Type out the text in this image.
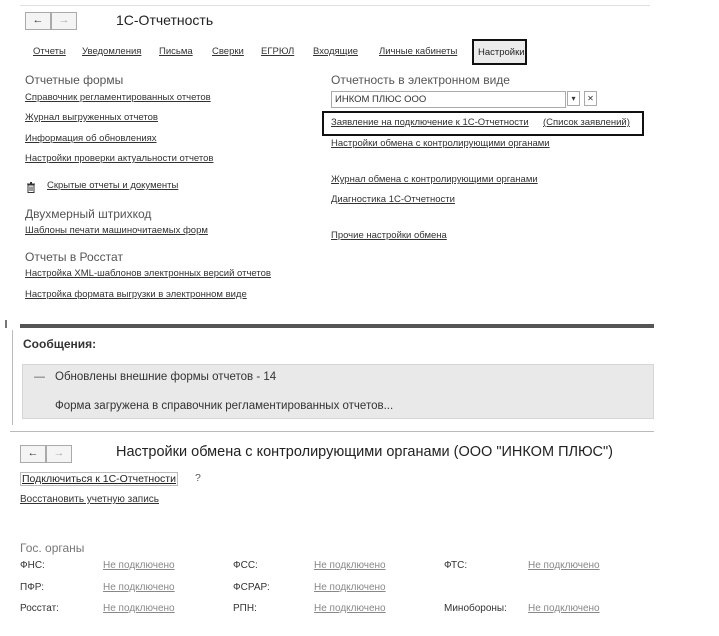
←	→	1С-Отчетность
Отчеты Уведомления Письма Сверки ЕГРЮЛ Входящие Личные кабинеты Настройки
Отчетные формы
Справочник регламентированных отчетов
Журнал выгруженных отчетов
Информация об обновлениях
Настройки проверки актуальности отчетов
Скрытые отчеты и документы
Двухмерный штрихкод
Шаблоны печати машиночитаемых форм
Отчеты в Росстат
Настройка XML-шаблонов электронных версий отчетов
Настройка формата выгрузки в электронном виде
Отчетность в электронном виде
ИНКОМ ПЛЮС ООО	▾	✕
Заявление на подключение к 1С-Отчетности (Список заявлений)
Настройки обмена с контролирующими органами
Журнал обмена с контролирующими органами
Диагностика 1С-Отчетности
Прочие настройки обмена
Сообщения:
— Обновлены внешние формы отчетов - 14
Форма загружена в справочник регламентированных отчетов...
←	→	Настройки обмена с контролирующими органами (ООО "ИНКОМ ПЛЮС")
Подключиться к 1С-Отчетности ?
Восстановить учетную запись
Гос. органы
ФНС:	Не подключено	ФСС:	Не подключено	ФТС:	Не подключено
ПФР:	Не подключено	ФСРАР:	Не подключено
Росстат:	Не подключено	РПН:	Не подключено	Минобороны: Не подключено
